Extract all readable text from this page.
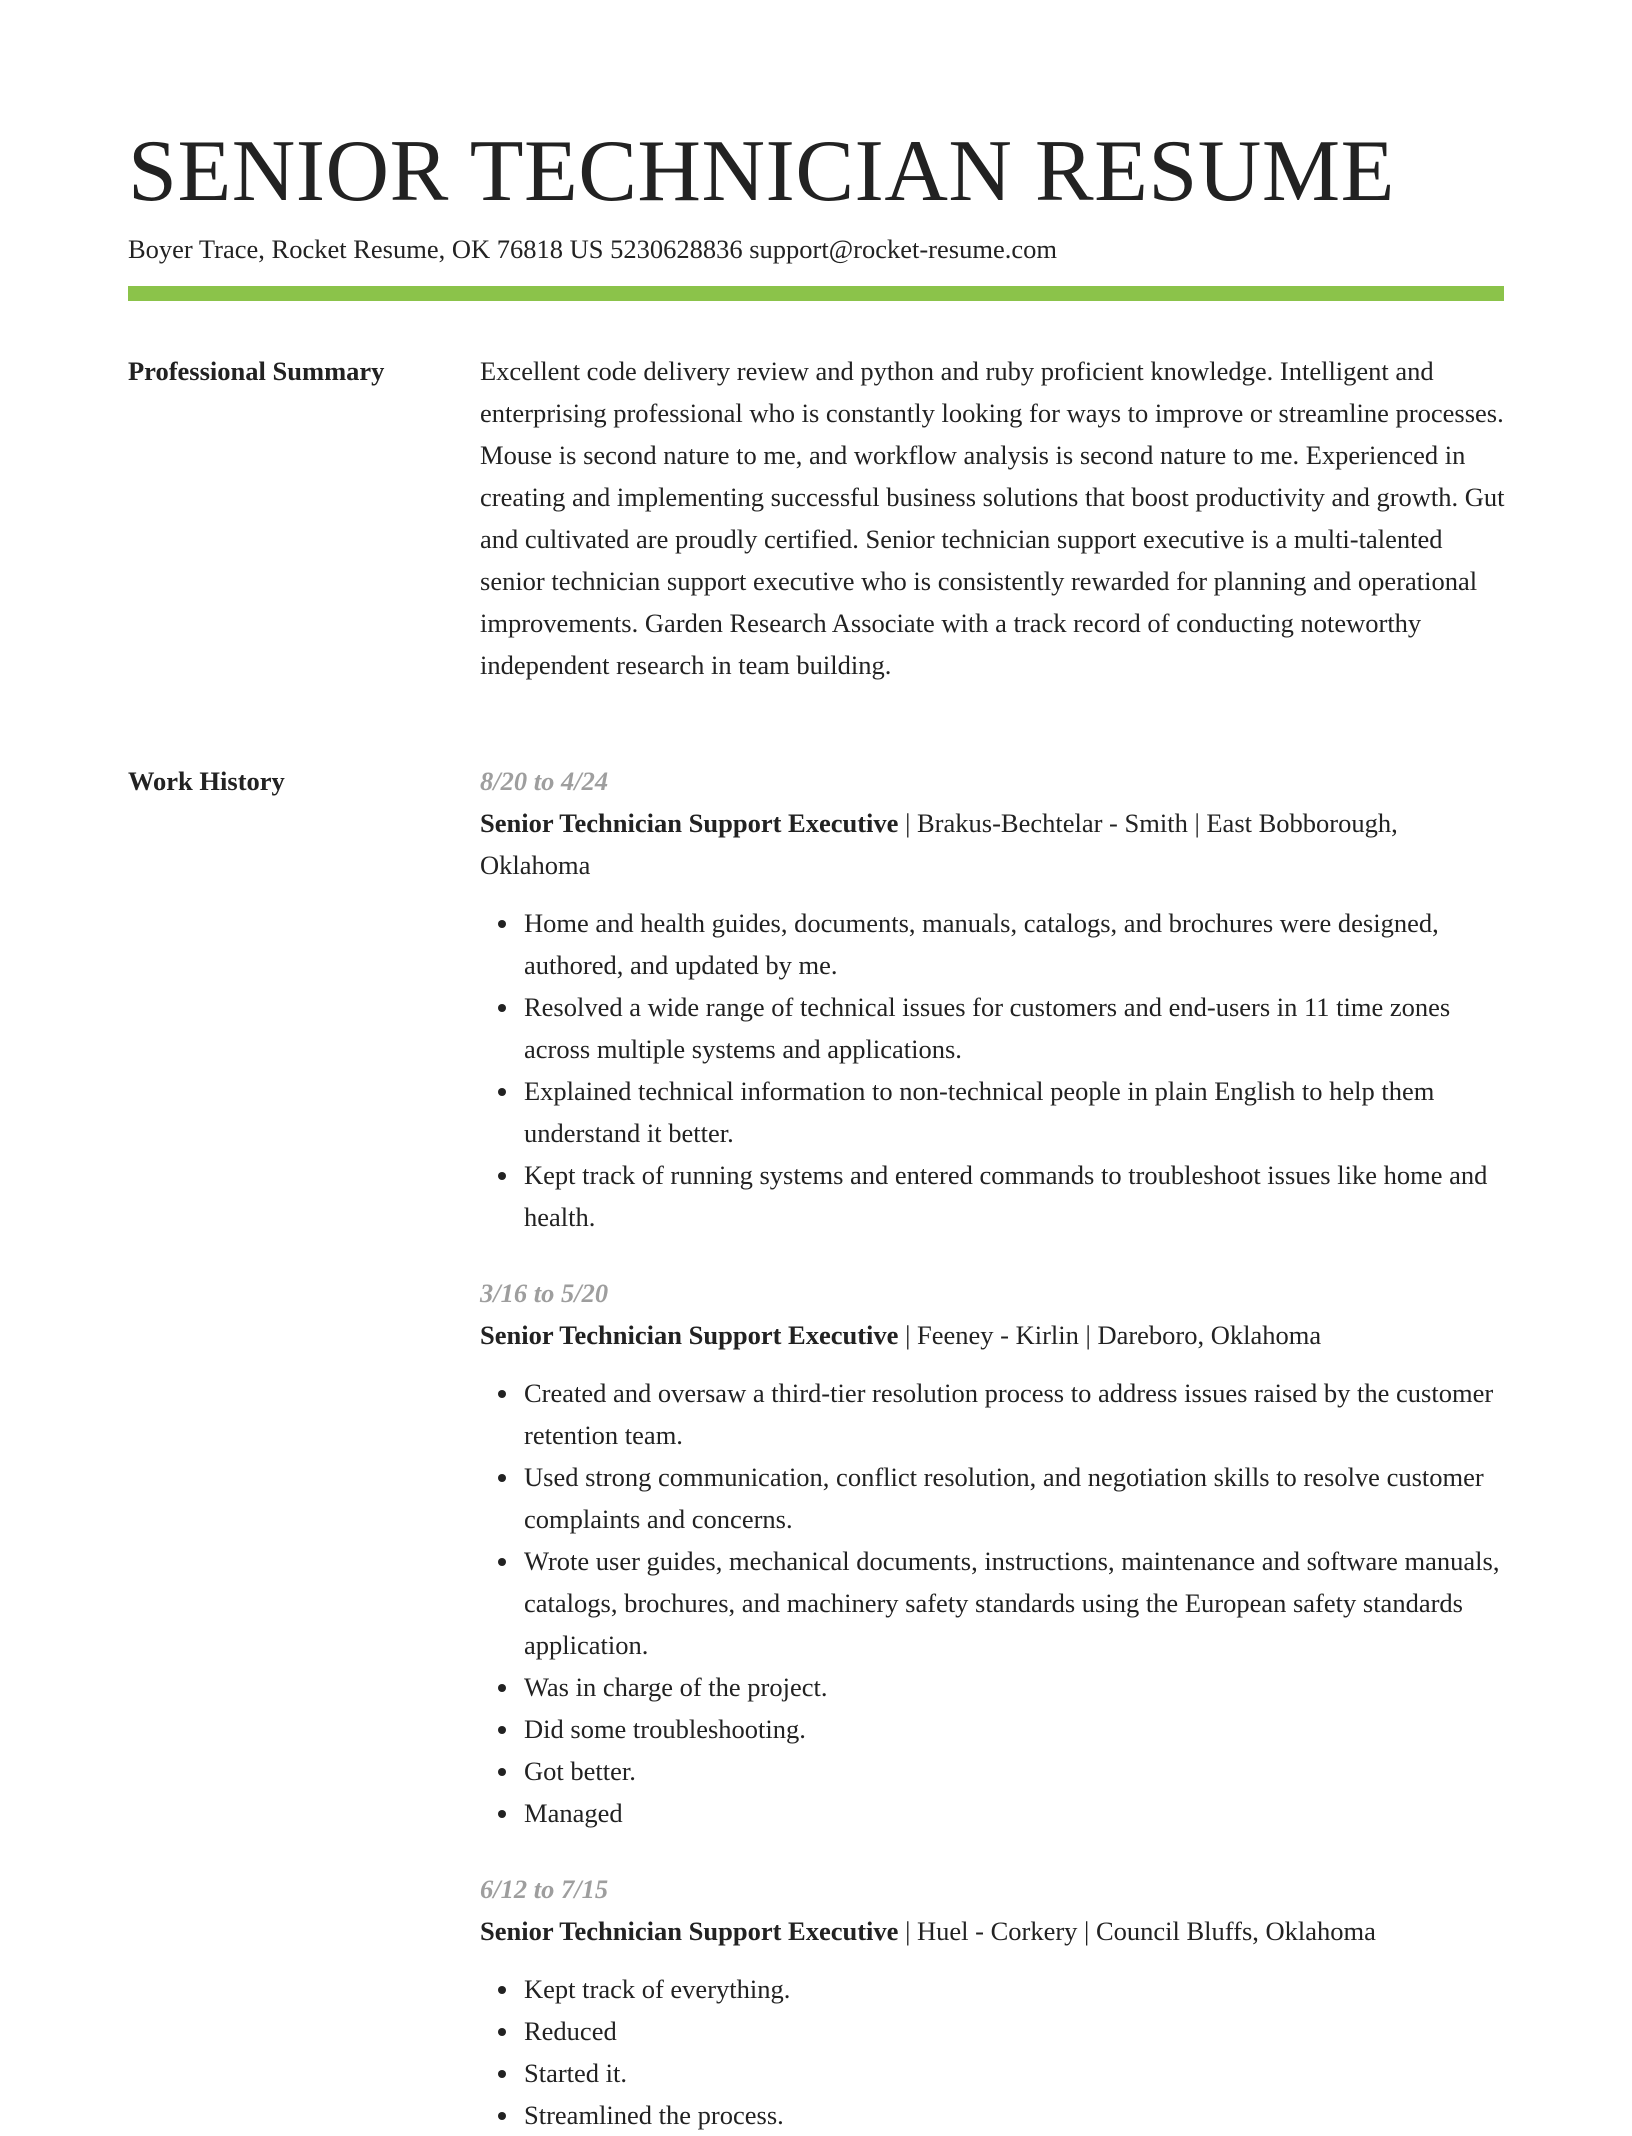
SENIOR TECHNICIAN RESUME
Boyer Trace, Rocket Resume, OK 76818 US 5230628836 support@rocket-resume.com
Professional Summary	Excellent code delivery review and python and ruby proficient knowledge. Intelligent and enterprising professional who is constantly looking for ways to improve or streamline processes. Mouse is second nature to me, and workflow analysis is second nature to me. Experienced in creating and implementing successful business solutions that boost productivity and growth. Gut and cultivated are proudly certified. Senior technician support executive is a multi-talented senior technician support executive who is consistently rewarded for planning and operational improvements. Garden Research Associate with a track record of conducting noteworthy independent research in team building.

Work History	8/20 to 4/24
Senior Technician Support Executive | Brakus-Bechtelar - Smith | East Bobborough, Oklahoma
Home and health guides, documents, manuals, catalogs, and brochures were designed, authored, and updated by me.
Resolved a wide range of technical issues for customers and end-users in 11 time zones across multiple systems and applications.
Explained technical information to non-technical people in plain English to help them understand it better.
Kept track of running systems and entered commands to troubleshoot issues like home and health.
3/16 to 5/20
Senior Technician Support Executive | Feeney - Kirlin | Dareboro, Oklahoma
Created and oversaw a third-tier resolution process to address issues raised by the customer retention team.
Used strong communication, conflict resolution, and negotiation skills to resolve customer complaints and concerns.
Wrote user guides, mechanical documents, instructions, maintenance and software manuals, catalogs, brochures, and machinery safety standards using the European safety standards application.
Was in charge of the project.
Did some troubleshooting.
Got better.
Managed
6/12 to 7/15
Senior Technician Support Executive | Huel - Corkery | Council Bluffs, Oklahoma
Kept track of everything.
Reduced
Started it.
Streamlined the process.
